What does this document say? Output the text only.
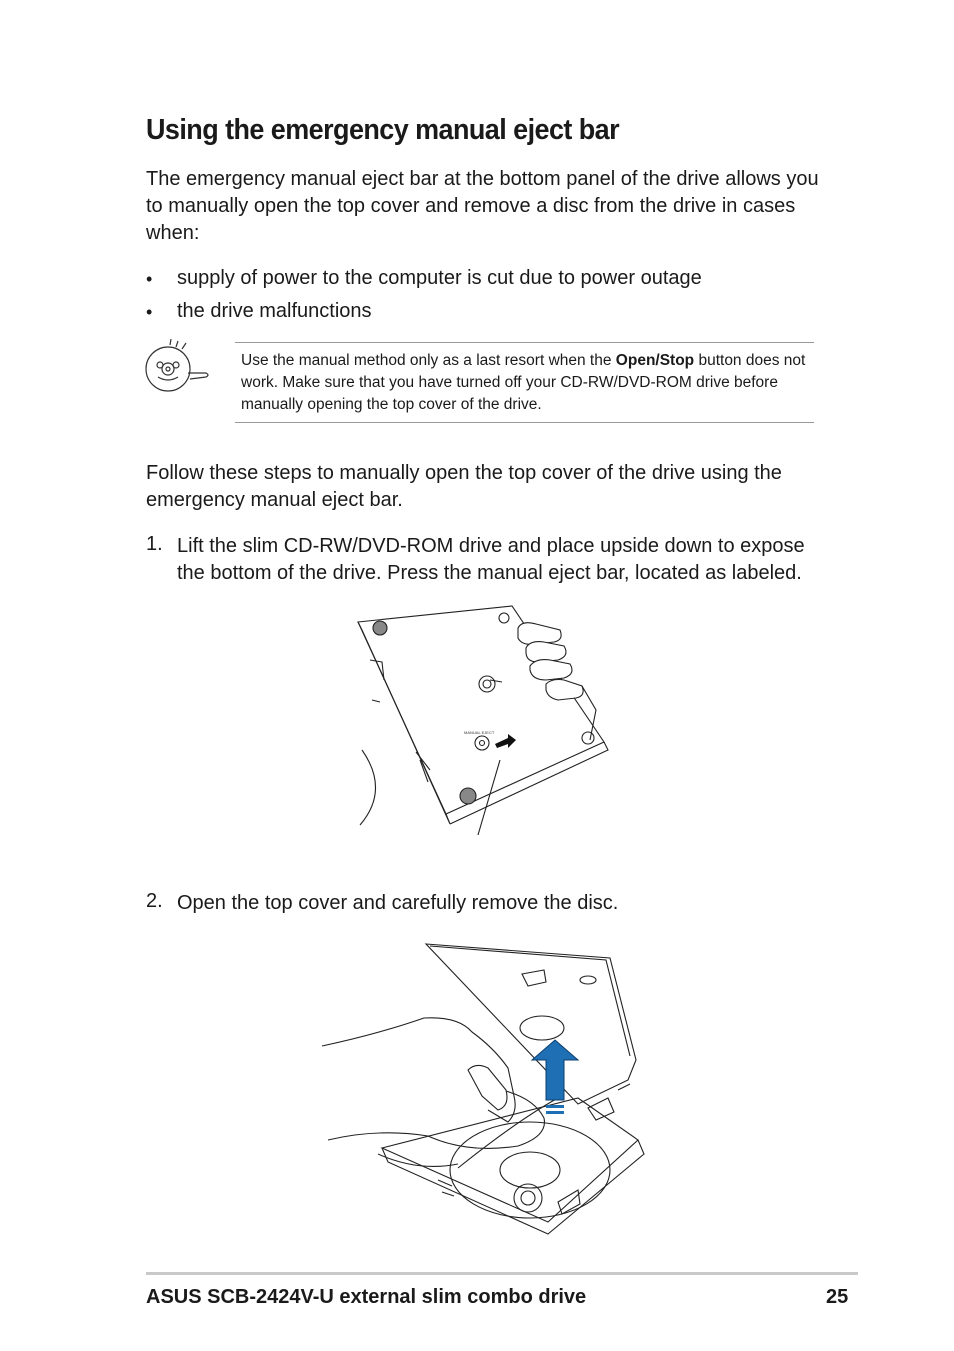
Using the emergency manual eject bar
The emergency manual eject bar at the bottom panel of the drive allows you to manually open the top cover and remove a disc from the drive in cases when:
• supply of power to the computer is cut due to power outage
• the drive malfunctions
Use the manual method only as a last resort when the Open/Stop button does not work. Make sure that you have turned off your CD-RW/DVD-ROM drive before manually opening the top cover of the drive.
Follow these steps to manually open the top cover of the drive using the emergency manual eject bar.
1. Lift the slim CD-RW/DVD-ROM drive and place upside down to expose the bottom of the drive. Press the manual eject bar, located as labeled.
MANUAL EJECT
2. Open the top cover and carefully remove the disc.
ASUS SCB-2424V-U external slim combo drive	25
